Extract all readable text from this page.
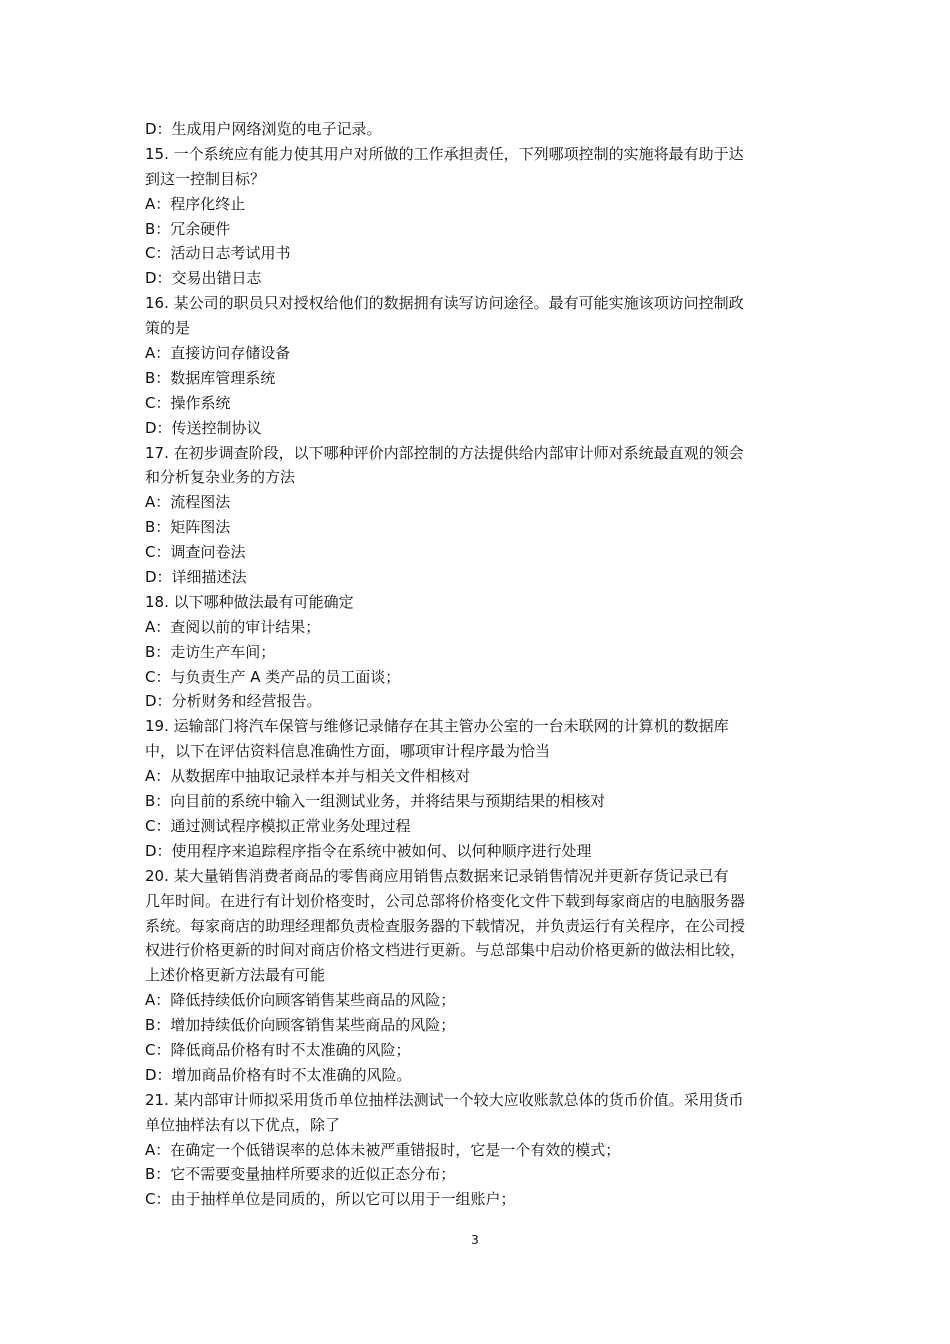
D：生成用户网络浏览的电子记录。
15. 一个系统应有能力使其用户对所做的工作承担责任，下列哪项控制的实施将最有助于达
到这一控制目标？
A：程序化终止
B：冗余硬件
C：活动日志考试用书
D：交易出错日志
16. 某公司的职员只对授权给他们的数据拥有读写访问途径。最有可能实施该项访问控制政
策的是
A：直接访问存储设备
B：数据库管理系统
C：操作系统
D：传送控制协议
17. 在初步调查阶段，以下哪种评价内部控制的方法提供给内部审计师对系统最直观的领会
和分析复杂业务的方法
A：流程图法
B：矩阵图法
C：调查问卷法
D：详细描述法
18. 以下哪种做法最有可能确定
A：查阅以前的审计结果；
B：走访生产车间；
C：与负责生产 A 类产品的员工面谈；
D：分析财务和经营报告。
19. 运输部门将汽车保管与维修记录储存在其主管办公室的一台未联网的计算机的数据库
中，以下在评估资料信息准确性方面，哪项审计程序最为恰当
A：从数据库中抽取记录样本并与相关文件相核对
B：向目前的系统中输入一组测试业务，并将结果与预期结果的相核对
C：通过测试程序模拟正常业务处理过程
D：使用程序来追踪程序指令在系统中被如何、以何种顺序进行处理
20. 某大量销售消费者商品的零售商应用销售点数据来记录销售情况并更新存货记录已有
几年时间。在进行有计划价格变时，公司总部将价格变化文件下载到每家商店的电脑服务器
系统。每家商店的助理经理都负责检查服务器的下载情况，并负责运行有关程序，在公司授
权进行价格更新的时间对商店价格文档进行更新。与总部集中启动价格更新的做法相比较，
上述价格更新方法最有可能
A：降低持续低价向顾客销售某些商品的风险；
B：增加持续低价向顾客销售某些商品的风险；
C：降低商品价格有时不太准确的风险；
D：增加商品价格有时不太准确的风险。
21. 某内部审计师拟采用货币单位抽样法测试一个较大应收账款总体的货币价值。采用货币
单位抽样法有以下优点，除了
A：在确定一个低错误率的总体未被严重错报时，它是一个有效的模式；
B：它不需要变量抽样所要求的近似正态分布；
C：由于抽样单位是同质的，所以它可以用于一组账户；
3
